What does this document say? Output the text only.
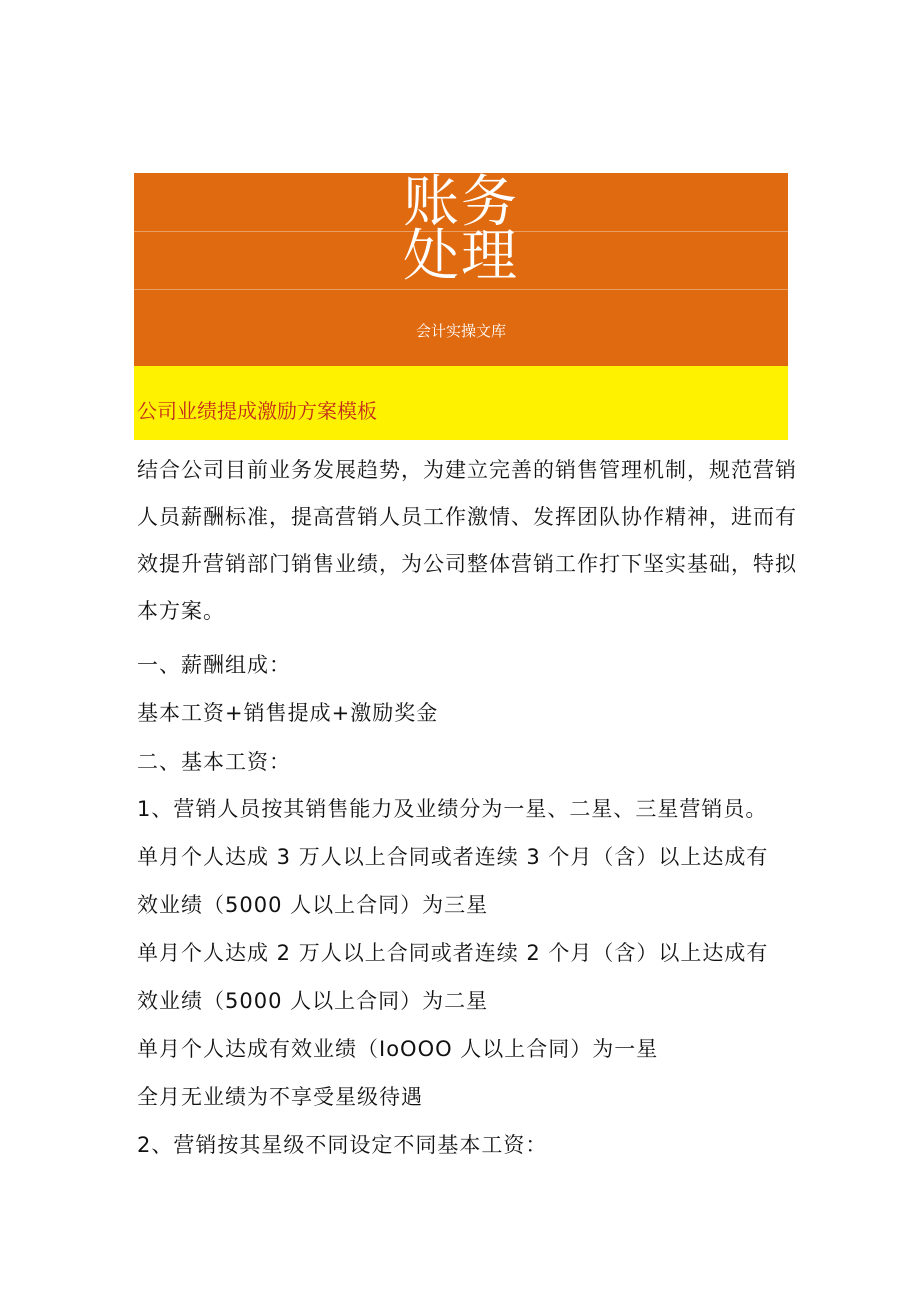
账务
处理
会计实操文库
公司业绩提成激励方案模板
结合公司目前业务发展趋势，为建立完善的销售管理机制，规范营销人员薪酬标准，提高营销人员工作激情、发挥团队协作精神，进而有效提升营销部门销售业绩，为公司整体营销工作打下坚实基础，特拟本方案。
一、薪酬组成：
基本工资+销售提成+激励奖金
二、基本工资：
1、营销人员按其销售能力及业绩分为一星、二星、三星营销员。
单月个人达成 3 万人以上合同或者连续 3 个月（含）以上达成有
效业绩（5000 人以上合同）为三星
单月个人达成 2 万人以上合同或者连续 2 个月（含）以上达成有
效业绩（5000 人以上合同）为二星
单月个人达成有效业绩（IoOOO 人以上合同）为一星
全月无业绩为不享受星级待遇
2、营销按其星级不同设定不同基本工资：
